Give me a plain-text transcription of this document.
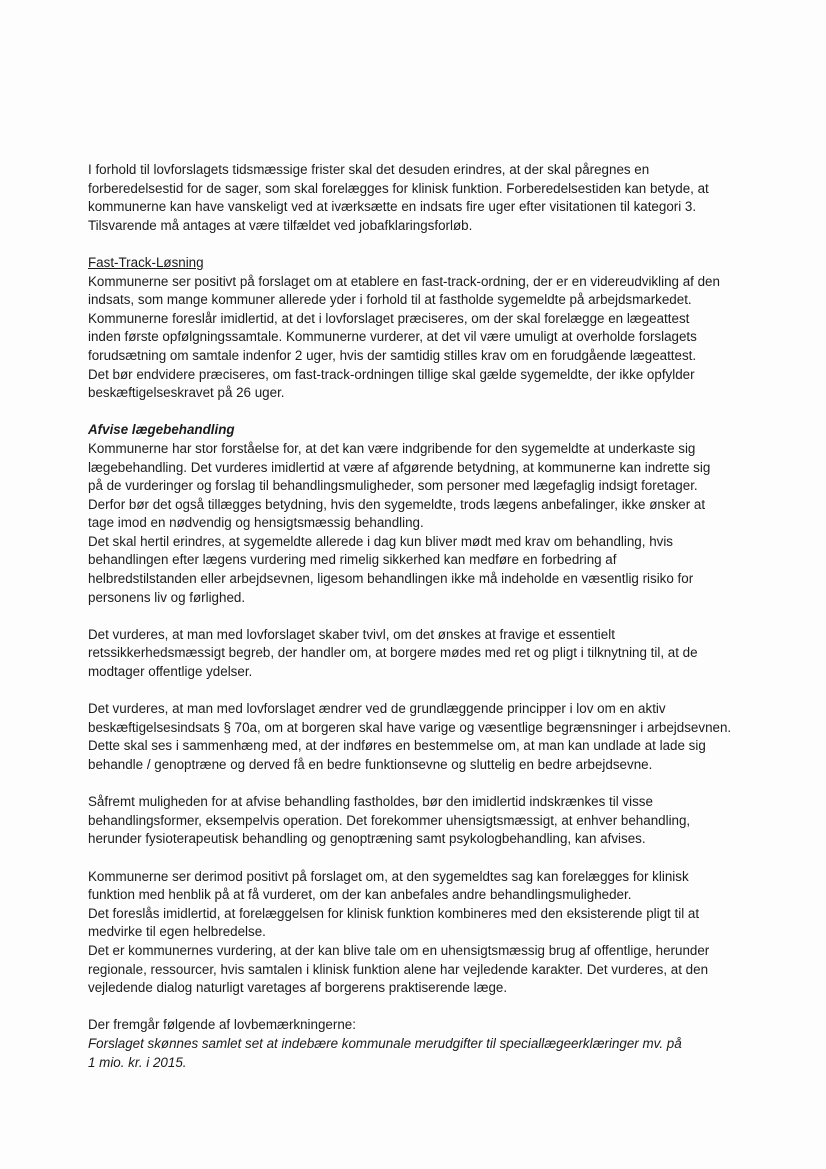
I forhold til lovforslagets tidsmæssige frister skal det desuden erindres, at der skal påregnes en
forberedelsestid for de sager, som skal forelægges for klinisk funktion. Forberedelsestiden kan betyde, at
kommunerne kan have vanskeligt ved at iværksætte en indsats fire uger efter visitationen til kategori 3.
Tilsvarende må antages at være tilfældet ved jobafklaringsforløb.
Fast-Track-Løsning
Kommunerne ser positivt på forslaget om at etablere en fast-track-ordning, der er en videreudvikling af den
indsats, som mange kommuner allerede yder i forhold til at fastholde sygemeldte på arbejdsmarkedet.
Kommunerne foreslår imidlertid, at det i lovforslaget præciseres, om der skal forelægge en lægeattest
inden første opfølgningssamtale. Kommunerne vurderer, at det vil være umuligt at overholde forslagets
forudsætning om samtale indenfor 2 uger, hvis der samtidig stilles krav om en forudgående lægeattest.
Det bør endvidere præciseres, om fast-track-ordningen tillige skal gælde sygemeldte, der ikke opfylder
beskæftigelseskravet på 26 uger.
Afvise lægebehandling
Kommunerne har stor forståelse for, at det kan være indgribende for den sygemeldte at underkaste sig
lægebehandling. Det vurderes imidlertid at være af afgørende betydning, at kommunerne kan indrette sig
på de vurderinger og forslag til behandlingsmuligheder, som personer med lægefaglig indsigt foretager.
Derfor bør det også tillægges betydning, hvis den sygemeldte, trods lægens anbefalinger, ikke ønsker at
tage imod en nødvendig og hensigtsmæssig behandling.
Det skal hertil erindres, at sygemeldte allerede i dag kun bliver mødt med krav om behandling, hvis
behandlingen efter lægens vurdering med rimelig sikkerhed kan medføre en forbedring af
helbredstilstanden eller arbejdsevnen, ligesom behandlingen ikke må indeholde en væsentlig risiko for
personens liv og førlighed.
Det vurderes, at man med lovforslaget skaber tvivl, om det ønskes at fravige et essentielt
retssikkerhedsmæssigt begreb, der handler om, at borgere mødes med ret og pligt i tilknytning til, at de
modtager offentlige ydelser.
Det vurderes, at man med lovforslaget ændrer ved de grundlæggende principper i lov om en aktiv
beskæftigelsesindsats § 70a, om at borgeren skal have varige og væsentlige begrænsninger i arbejdsevnen.
Dette skal ses i sammenhæng med, at der indføres en bestemmelse om, at man kan undlade at lade sig
behandle / genoptræne og derved få en bedre funktionsevne og sluttelig en bedre arbejdsevne.
Såfremt muligheden for at afvise behandling fastholdes, bør den imidlertid indskrænkes til visse
behandlingsformer, eksempelvis operation. Det forekommer uhensigtsmæssigt, at enhver behandling,
herunder fysioterapeutisk behandling og genoptræning samt psykologbehandling, kan afvises.
Kommunerne ser derimod positivt på forslaget om, at den sygemeldtes sag kan forelægges for klinisk
funktion med henblik på at få vurderet, om der kan anbefales andre behandlingsmuligheder.
Det foreslås imidlertid, at forelæggelsen for klinisk funktion kombineres med den eksisterende pligt til at
medvirke til egen helbredelse.
Det er kommunernes vurdering, at der kan blive tale om en uhensigtsmæssig brug af offentlige, herunder
regionale, ressourcer, hvis samtalen i klinisk funktion alene har vejledende karakter. Det vurderes, at den
vejledende dialog naturligt varetages af borgerens praktiserende læge.
Der fremgår følgende af lovbemærkningerne:
Forslaget skønnes samlet set at indebære kommunale merudgifter til speciallægeerklæringer mv. på
1 mio. kr. i 2015.
